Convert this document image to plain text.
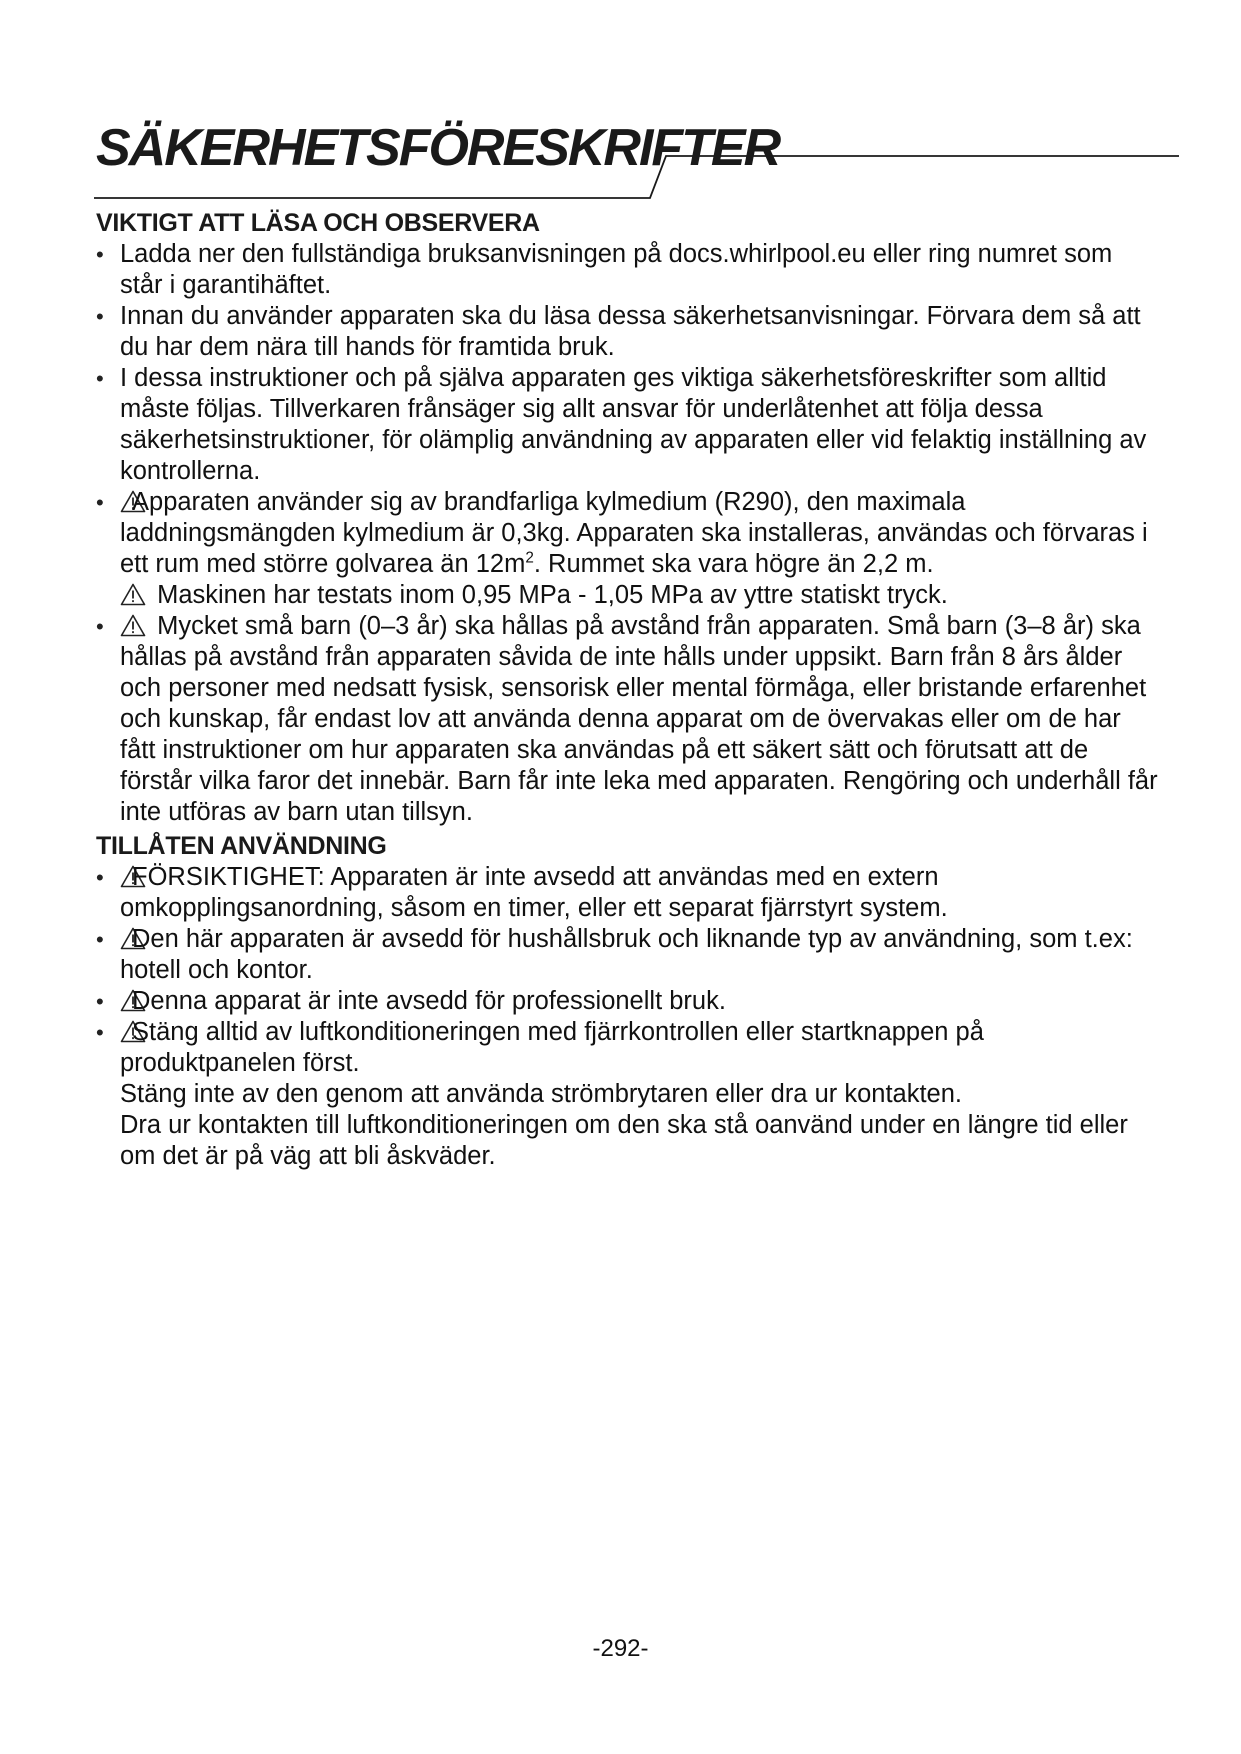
SÄKERHETSFÖRESKRIFTER
VIKTIGT ATT LÄSA OCH OBSERVERA
• Ladda ner den fullständiga bruksanvisningen på docs.whirlpool.eu eller ring numret som står i garantihäftet.
• Innan du använder apparaten ska du läsa dessa säkerhetsanvisningar. Förvara dem så att du har dem nära till hands för framtida bruk.
• I dessa instruktioner och på själva apparaten ges viktiga säkerhetsföreskrifter som alltid måste följas. Tillverkaren frånsäger sig allt ansvar för underlåtenhet att följa dessa säkerhetsinstruktioner, för olämplig användning av apparaten eller vid felaktig inställning av kontrollerna.
• Apparaten använder sig av brandfarliga kylmedium (R290), den maximala laddningsmängden kylmedium är 0,3kg. Apparaten ska installeras, användas och förvaras i ett rum med större golvarea än $12m^2$. Rummet ska vara högre än 2,2 m.
Maskinen har testats inom 0,95 MPa - 1,05 MPa av yttre statiskt tryck.
• Mycket små barn (0–3 år) ska hållas på avstånd från apparaten. Små barn (3–8 år) ska hållas på avstånd från apparaten såvida de inte hålls under uppsikt. Barn från 8 års ålder och personer med nedsatt fysisk, sensorisk eller mental förmåga, eller bristande erfarenhet och kunskap, får endast lov att använda denna apparat om de övervakas eller om de har fått instruktioner om hur apparaten ska användas på ett säkert sätt och förutsatt att de förstår vilka faror det innebär. Barn får inte leka med apparaten. Rengöring och underhåll får inte utföras av barn utan tillsyn.
TILLÅTEN ANVÄNDNING
• FÖRSIKTIGHET: Apparaten är inte avsedd att användas med en extern omkopplingsanordning, såsom en timer, eller ett separat fjärrstyrt system.
• Den här apparaten är avsedd för hushållsbruk och liknande typ av användning, som t.ex: hotell och kontor.
• Denna apparat är inte avsedd för professionellt bruk.
• Stäng alltid av luftkonditioneringen med fjärrkontrollen eller startknappen på produktpanelen först.
Stäng inte av den genom att använda strömbrytaren eller dra ur kontakten.
Dra ur kontakten till luftkonditioneringen om den ska stå oanvänd under en längre tid eller om det är på väg att bli åskväder.
-292-
